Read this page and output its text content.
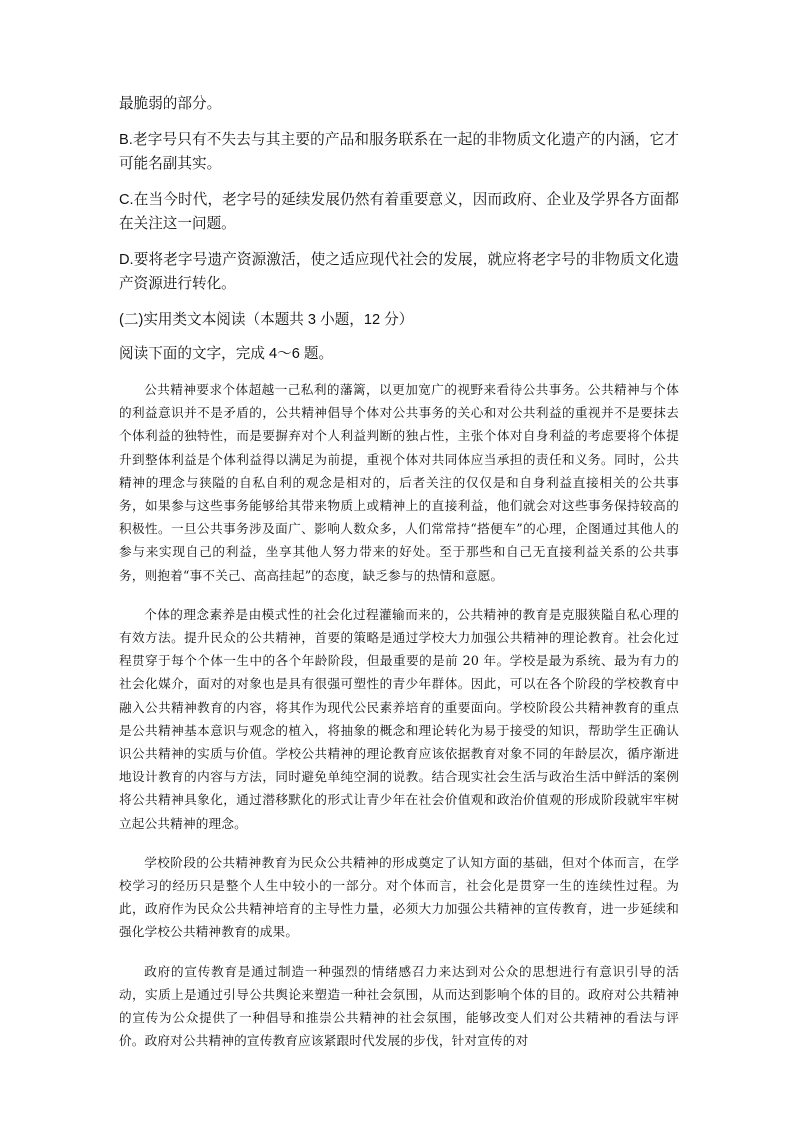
最脆弱的部分。

B.老字号只有不失去与其主要的产品和服务联系在一起的非物质文化遗产的内涵，它才可能名副其实。

C.在当今时代，老字号的延续发展仍然有着重要意义，因而政府、企业及学界各方面都在关注这一问题。

D.要将老字号遗产资源激活，使之适应现代社会的发展，就应将老字号的非物质文化遗产资源进行转化。

(二)实用类文本阅读（本题共 3 小题，12 分）

阅读下面的文字，完成 4～6 题。

公共精神要求个体超越一己私利的藩篱，以更加宽广的视野来看待公共事务。公共精神与个体的利益意识并不是矛盾的，公共精神倡导个体对公共事务的关心和对公共利益的重视并不是要抹去个体利益的独特性，而是要摒弃对个人利益判断的独占性，主张个体对自身利益的考虑要将个体提升到整体利益是个体利益得以满足为前提，重视个体对共同体应当承担的责任和义务。同时，公共精神的理念与狭隘的自私自利的观念是相对的，后者关注的仅仅是和自身利益直接相关的公共事务，如果参与这些事务能够给其带来物质上或精神上的直接利益，他们就会对这些事务保持较高的积极性。一旦公共事务涉及面广、影响人数众多，人们常常持“搭便车”的心理，企图通过其他人的参与来实现自己的利益，坐享其他人努力带来的好处。至于那些和自己无直接利益关系的公共事务，则抱着“事不关己、高高挂起”的态度，缺乏参与的热情和意愿。

个体的理念素养是由模式性的社会化过程灌输而来的，公共精神的教育是克服狭隘自私心理的有效方法。提升民众的公共精神，首要的策略是通过学校大力加强公共精神的理论教育。社会化过程贯穿于每个个体一生中的各个年龄阶段，但最重要的是前 20 年。学校是最为系统、最为有力的社会化媒介，面对的对象也是具有很强可塑性的青少年群体。因此，可以在各个阶段的学校教育中融入公共精神教育的内容，将其作为现代公民素养培育的重要面向。学校阶段公共精神教育的重点是公共精神基本意识与观念的植入，将抽象的概念和理论转化为易于接受的知识，帮助学生正确认识公共精神的实质与价值。学校公共精神的理论教育应该依据教育对象不同的年龄层次，循序渐进地设计教育的内容与方法，同时避免单纯空洞的说教。结合现实社会生活与政治生活中鲜活的案例将公共精神具象化，通过潜移默化的形式让青少年在社会价值观和政治价值观的形成阶段就牢牢树立起公共精神的理念。

学校阶段的公共精神教育为民众公共精神的形成奠定了认知方面的基础，但对个体而言，在学校学习的经历只是整个人生中较小的一部分。对个体而言，社会化是贯穿一生的连续性过程。为此，政府作为民众公共精神培育的主导性力量，必须大力加强公共精神的宣传教育，进一步延续和强化学校公共精神教育的成果。

政府的宣传教育是通过制造一种强烈的情绪感召力来达到对公众的思想进行有意识引导的活动，实质上是通过引导公共舆论来塑造一种社会氛围，从而达到影响个体的目的。政府对公共精神的宣传为公众提供了一种倡导和推崇公共精神的社会氛围，能够改变人们对公共精神的看法与评价。政府对公共精神的宣传教育应该紧跟时代发展的步伐，针对宣传的对
